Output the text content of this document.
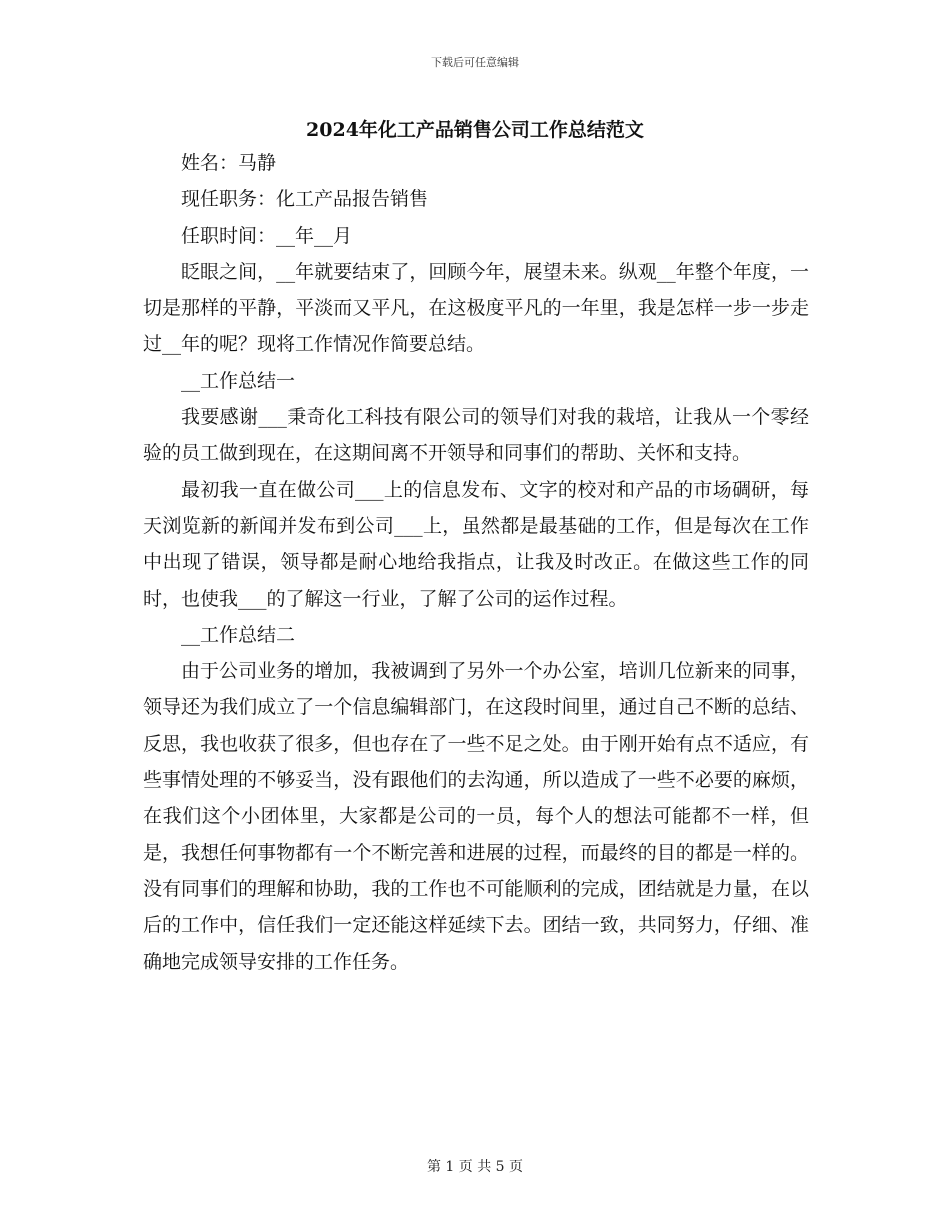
下载后可任意编辑
2024年化工产品销售公司工作总结范文

姓名：马静

现任职务：化工产品报告销售

任职时间：__年__月

眨眼之间，__年就要结束了，回顾今年，展望未来。纵观__年整个年度，一切是那样的平静，平淡而又平凡，在这极度平凡的一年里，我是怎样一步一步走过__年的呢？现将工作情况作简要总结。

__工作总结一

我要感谢___秉奇化工科技有限公司的领导们对我的栽培，让我从一个零经验的员工做到现在，在这期间离不开领导和同事们的帮助、关怀和支持。

最初我一直在做公司___上的信息发布、文字的校对和产品的市场碉研，每天浏览新的新闻并发布到公司___上，虽然都是最基础的工作，但是每次在工作中出现了错误，领导都是耐心地给我指点，让我及时改正。在做这些工作的同时，也使我___的了解这一行业，了解了公司的运作过程。

__工作总结二

由于公司业务的增加，我被调到了另外一个办公室，培训几位新来的同事，领导还为我们成立了一个信息编辑部门，在这段时间里，通过自己不断的总结、反思，我也收获了很多，但也存在了一些不足之处。由于刚开始有点不适应，有些事情处理的不够妥当，没有跟他们的去沟通，所以造成了一些不必要的麻烦，在我们这个小团体里，大家都是公司的一员，每个人的想法可能都不一样，但是，我想任何事物都有一个不断完善和进展的过程，而最终的目的都是一样的。没有同事们的理解和协助，我的工作也不可能顺利的完成，团结就是力量，在以后的工作中，信任我们一定还能这样延续下去。团结一致，共同努力，仔细、准确地完成领导安排的工作任务。

第 1 页 共 5 页
